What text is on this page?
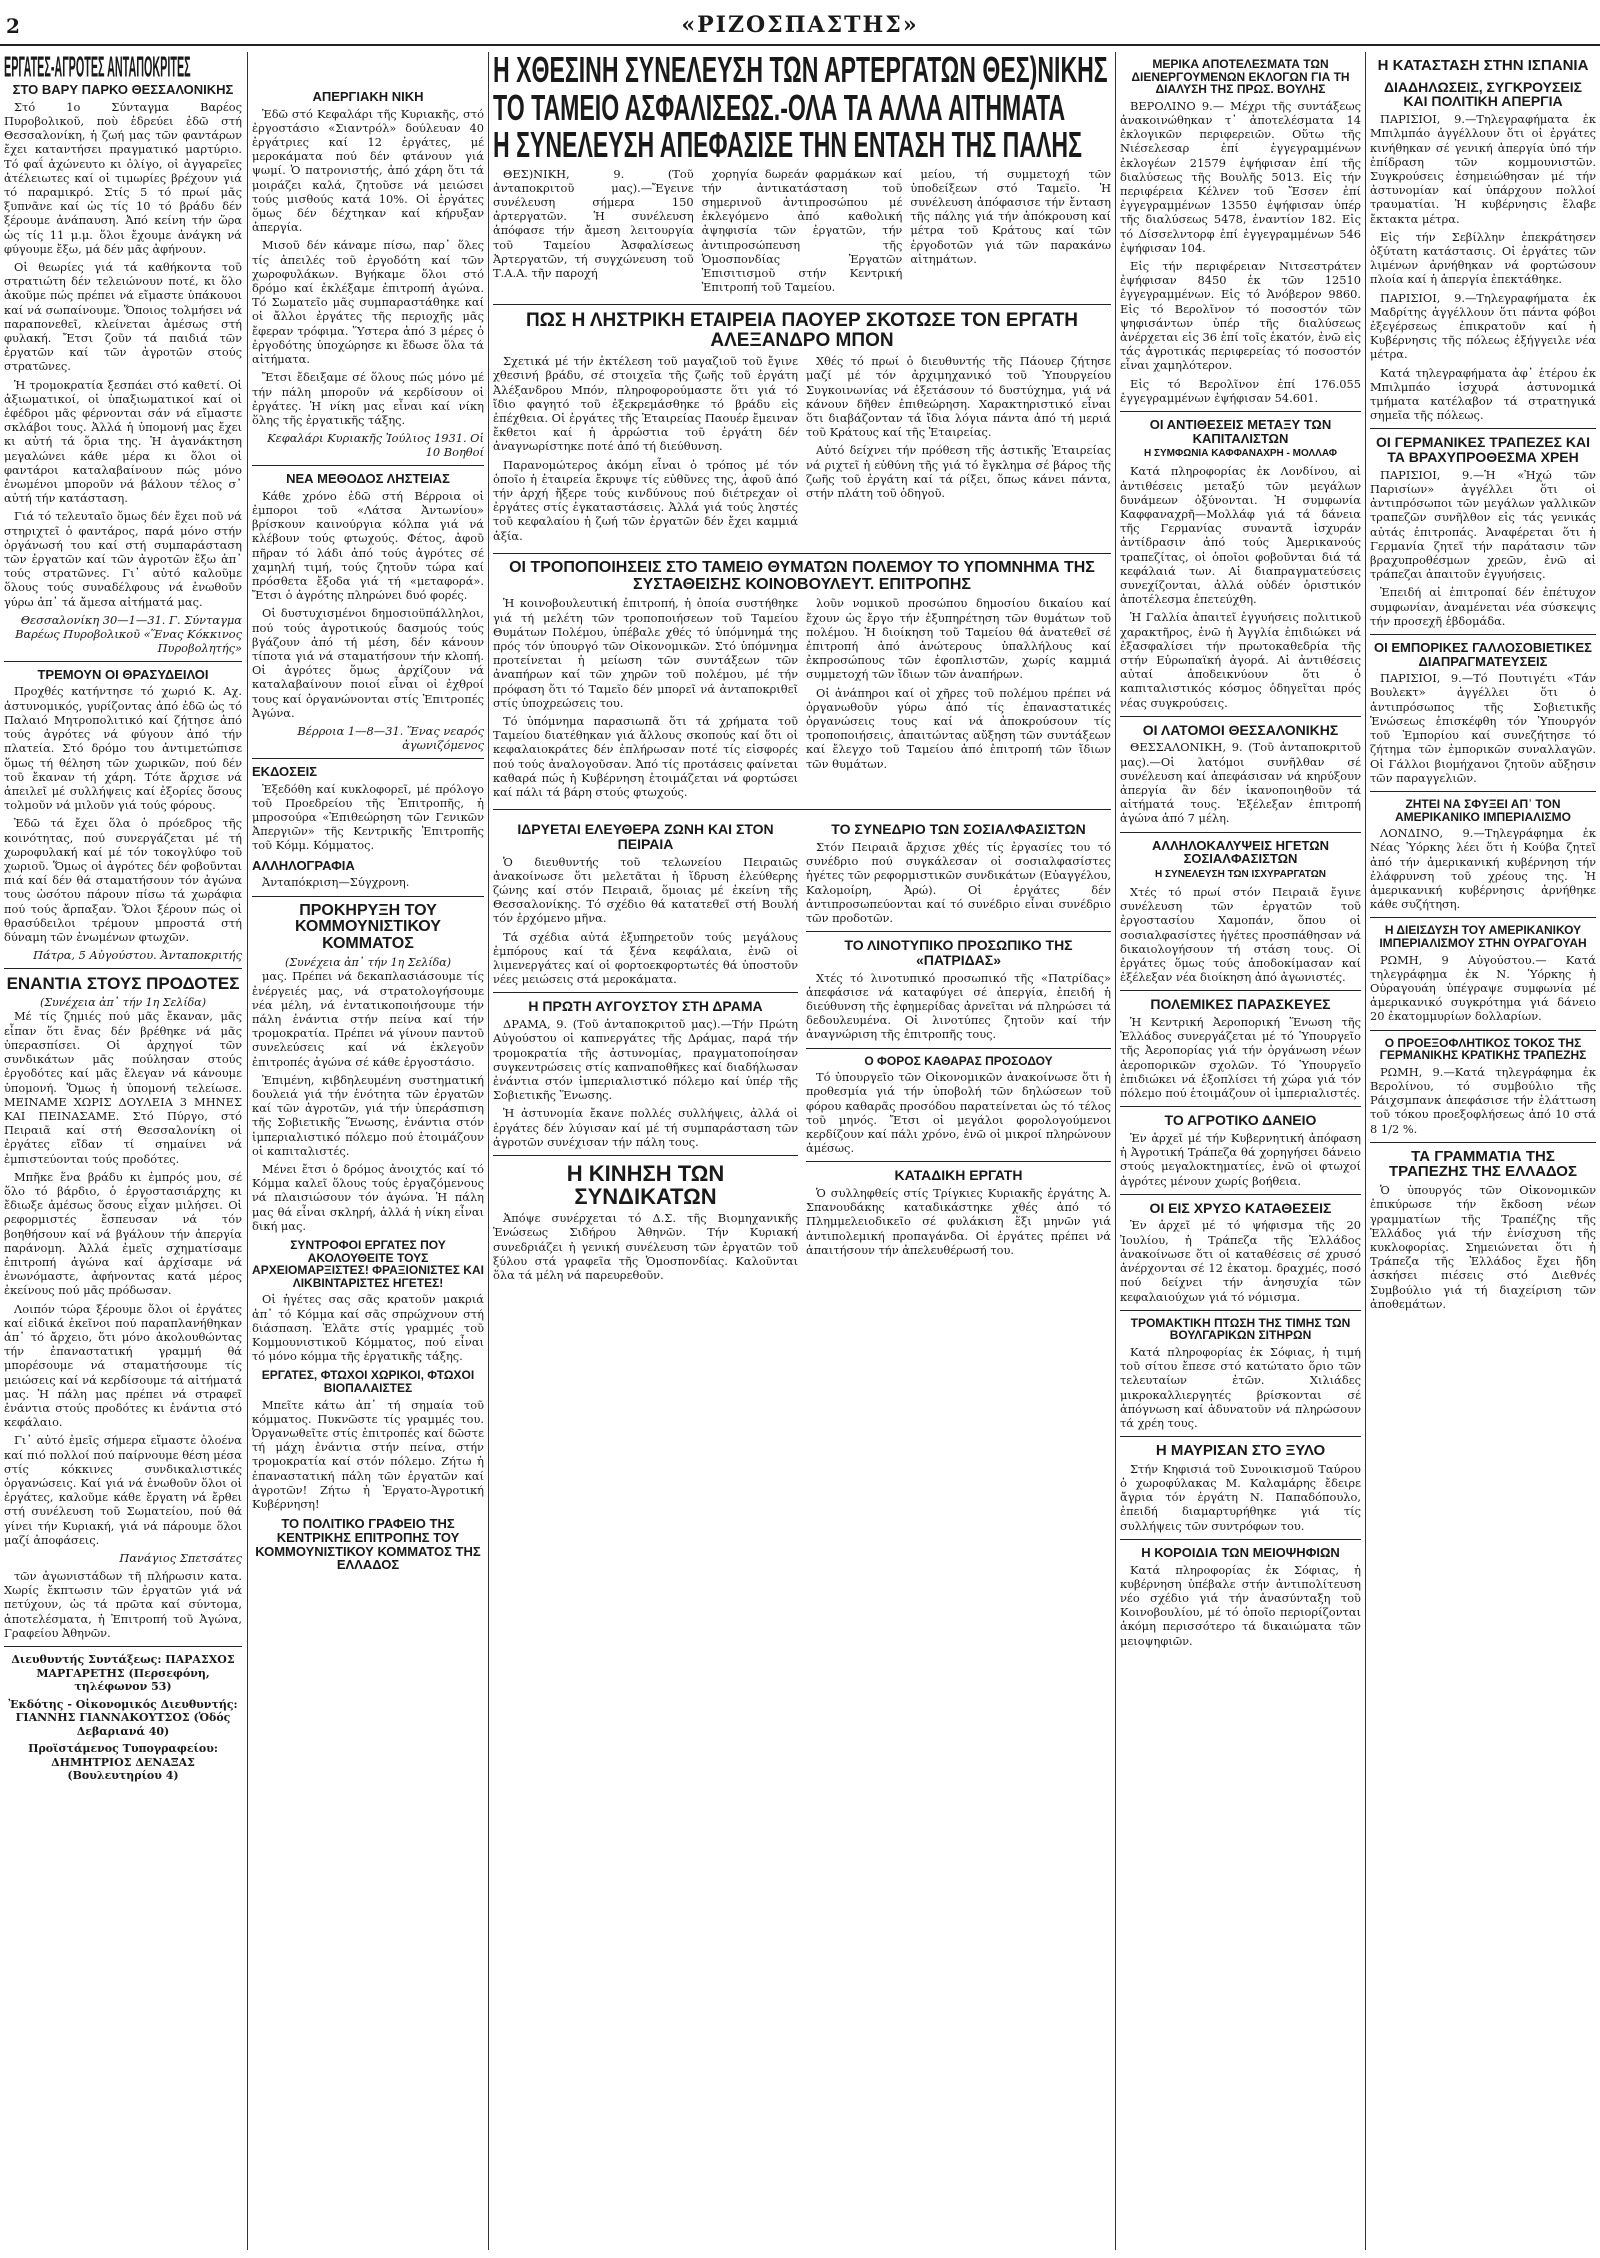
2	«ΡΙΖΟΣΠΑΣΤΗΣ»
ΕΡΓΑΤΕΣ-ΑΓΡΟΤΕΣ ΑΝΤΑΠΟΚΡΙΤΕΣ
ΣΤΟ ΒΑΡΥ ΠΑΡΚΟ ΘΕΣΣΑΛΟΝΙΚΗΣ

Στό 1ο Σύνταγμα Βαρέος Πυροβολικοῦ, ποὺ ἑδρεύει ἐδῶ στή Θεσσαλονίκη, ἡ ζωή μας τῶν φαντάρων ἔχει καταντήσει πραγματικό μαρτύριο. Τό φαΐ ἀχώνευτο κι ὀλίγο, οἱ ἀγγαρεῖες ἀτέλειωτες καί οἱ τιμωρίες βρέχουν γιά τό παραμικρό. Στίς 5 τό πρωί μᾶς ξυπνᾶνε καί ὡς τίς 10 τό βράδυ δέν ξέρουμε ἀνάπαυση. Ἀπό κείνη τήν ὥρα ὡς τίς 11 μ.μ. ὅλοι ἔχουμε ἀνάγκη νά φύγουμε ἔξω, μά δέν μᾶς ἀφήνουν.

Οἱ θεωρίες γιά τά καθήκοντα τοῦ στρατιώτη δέν τελειώνουν ποτέ, κι ὅλο ἀκοῦμε πώς πρέπει νά εἴμαστε ὑπάκουοι καί νά σωπαίνουμε. Ὅποιος τολμήσει νά παραπονεθεῖ, κλείνεται ἀμέσως στή φυλακή. Ἔτσι ζοῦν τά παιδιά τῶν ἐργατῶν καί τῶν ἀγροτῶν στούς στρατῶνες.

Ἡ τρομοκρατία ξεσπάει στό καθετί. Οἱ ἀξιωματικοί, οἱ ὑπαξιωματικοί καί οἱ ἐφέδροι μᾶς φέρνονται σάν νά εἴμαστε σκλάβοι τους. Ἀλλά ἡ ὑπομονή μας ἔχει κι αὐτή τά ὅρια της. Ἡ ἀγανάκτηση μεγαλώνει κάθε μέρα κι ὅλοι οἱ φαντάροι καταλαβαίνουν πώς μόνο ἑνωμένοι μποροῦν νά βάλουν τέλος σ᾽ αὐτή τήν κατάσταση.

Γιά τό τελευταῖο ὅμως δέν ἔχει ποῦ νά στηριχτεῖ ὁ φαντάρος, παρά μόνο στήν ὀργάνωσή του καί στή συμπαράσταση τῶν ἐργατῶν καί τῶν ἀγροτῶν ἔξω ἀπ᾽ τούς στρατῶνες. Γι᾽ αὐτό καλοῦμε ὅλους τούς συναδέλφους νά ἑνωθοῦν γύρω ἀπ᾽ τά ἄμεσα αἰτήματά μας.

Θεσσαλονίκη 30—1—31. Γ. Σύνταγμα Βαρέως Πυροβολικοῦ «Ἕνας Κόκκινος Πυροβολητής»

ΤΡΕΜΟΥΝ ΟΙ ΘΡΑΣΥΔΕΙΛΟΙ

Προχθές κατήντησε τό χωριό Κ. Αχ. ἀστυνομικός, γυρίζοντας ἀπό ἐδῶ ὡς τό Παλαιό Μητροπολιτικό καί ζήτησε ἀπό τούς ἀγρότες νά φύγουν ἀπό τήν πλατεία. Στό δρόμο του ἀντιμετώπισε ὅμως τή θέληση τῶν χωρικῶν, πού δέν τοῦ ἔκαναν τή χάρη. Τότε ἄρχισε νά ἀπειλεῖ μέ συλλήψεις καί ἐξορίες ὅσους τολμοῦν νά μιλοῦν γιά τούς φόρους.

Ἐδῶ τά ἔχει ὅλα ὁ πρόεδρος τῆς κοινότητας, πού συνεργάζεται μέ τή χωροφυλακή καί μέ τόν τοκογλύφο τοῦ χωριοῦ. Ὅμως οἱ ἀγρότες δέν φοβοῦνται πιά καί δέν θά σταματήσουν τόν ἀγώνα τους ὡσότου πάρουν πίσω τά χωράφια πού τούς ἄρπαξαν. Ὅλοι ξέρουν πώς οἱ θρασύδειλοι τρέμουν μπροστά στή δύναμη τῶν ἑνωμένων φτωχῶν.

Πάτρα, 5 Αὐγούστου. Ἀνταποκριτής

ΕΝΑΝΤΙΑ ΣΤΟΥΣ ΠΡΟΔΟΤΕΣ
(Συνέχεια ἀπ᾽ τήν 1η Σελίδα)

Μέ τίς ζημιές πού μᾶς ἔκαναν, μᾶς εἶπαν ὅτι ἔνας δέν βρέθηκε νά μᾶς ὑπερασπίσει. Οἱ ἀρχηγοί τῶν συνδικάτων μᾶς πούλησαν στούς ἐργοδότες καί μᾶς ἔλεγαν νά κάνουμε ὑπομονή. Ὅμως ἡ ὑπομονή τελείωσε. ΜΕΙΝΑΜΕ ΧΩΡΙΣ ΔΟΥΛΕΙΑ 3 ΜΗΝΕΣ ΚΑΙ ΠΕΙΝΑΣΑΜΕ. Στό Πύργο, στό Πειραιᾶ καί στή Θεσσαλονίκη οἱ ἐργάτες εἴδαν τί σημαίνει νά ἐμπιστεύονται τούς προδότες.

Μπῆκε ἕνα βράδυ κι ἐμπρός μου, σέ ὅλο τό βάρδιο, ὁ ἐργοστασιάρχης κι ἔδιωξε ἀμέσως ὅσους εἶχαν μιλήσει. Οἱ ρεφορμιστές ἔσπευσαν νά τόν βοηθήσουν καί νά βγάλουν τήν ἀπεργία παράνομη. Ἀλλά ἐμεῖς σχηματίσαμε ἐπιτροπή ἀγώνα καί ἀρχίσαμε νά ἑνωνόμαστε, ἀφήνοντας κατά μέρος ἐκείνους πού μᾶς πρόδωσαν.

Λοιπόν τώρα ξέρουμε ὅλοι οἱ ἐργάτες καί εἰδικά ἐκεῖνοι πού παραπλανήθηκαν ἀπ᾽ τό ἄρχειο, ὅτι μόνο ἀκολουθώντας τήν ἐπαναστατική γραμμή θά μπορέσουμε νά σταματήσουμε τίς μειώσεις καί νά κερδίσουμε τά αἰτήματά μας. Ἡ πάλη μας πρέπει νά στραφεῖ ἐνάντια στούς προδότες κι ἐνάντια στό κεφάλαιο.

Γι᾽ αὐτό ἐμεῖς σήμερα εἴμαστε ὁλοένα καί πιό πολλοί πού παίρνουμε θέση μέσα στίς κόκκινες συνδικαλιστικές ὀργανώσεις. Καί γιά νά ἑνωθοῦν ὅλοι οἱ ἐργάτες, καλοῦμε κάθε ἔργατη νά ἔρθει στή συνέλευση τοῦ Σωματείου, πού θά γίνει τήν Κυριακή, γιά νά πάρουμε ὅλοι μαζί ἀποφάσεις.

Πανάγιος Σπετσάτες

τῶν ἀγωνιστάδων τῆ πλήρωσιν κατα. Χωρίς ἔκπτωσιν τῶν ἐργατῶν γιά νά πετύχουν, ὡς τά πρῶτα καί σύντομα, ἀποτελέσματα, ἡ Ἐπιτροπή τοῦ Ἀγώνα, Γραφείου Ἀθηνῶν.

Διευθυντής Συντάξεως: ΠΑΡΑΣΧΟΣ ΜΑΡΓΑΡΕΤΗΣ (Περσεφόνη, τηλέφωνον 53)
Ἐκδότης - Οἰκονομικός Διευθυντής: ΓΙΑΝΝΗΣ ΓΙΑΝΝΑΚΟΥΤΣΟΣ (Ὁδός Δεβαριανά 40)
Προϊστάμενος Τυπογραφείου: ΔΗΜΗΤΡΙΟΣ ΔΕΝΑΞΑΣ (Βουλευτηρίου 4)
ΑΠΕΡΓΙΑΚΗ ΝΙΚΗ

Ἐδῶ στό Κεφαλάρι τῆς Κυριακῆς, στό ἐργοστάσιο «Σιαντρόλ» δούλευαν 40 ἐργάτριες καί 12 ἐργάτες, μέ μεροκάματα πού δέν φτάνουν γιά ψωμί. Ὁ πατρονιστής, ἀπό χάρη ὅτι τά μοιράζει καλά, ζητοῦσε νά μειώσει τούς μισθούς κατά 10%. Οἱ ἐργάτες ὅμως δέν δέχτηκαν καί κήρυξαν ἀπεργία.

Μισοῦ δέν κάναμε πίσω, παρ᾽ ὅλες τίς ἀπειλές τοῦ ἐργοδότη καί τῶν χωροφυλάκων. Βγήκαμε ὅλοι στό δρόμο καί ἐκλέξαμε ἐπιτροπή ἀγώνα. Τό Σωματεῖο μᾶς συμπαραστάθηκε καί οἱ ἄλλοι ἐργάτες τῆς περιοχῆς μᾶς ἔφεραν τρόφιμα. Ὕστερα ἀπό 3 μέρες ὁ ἐργοδότης ὑποχώρησε κι ἔδωσε ὅλα τά αἰτήματα.

Ἔτσι ἔδειξαμε σέ ὅλους πώς μόνο μέ τήν πάλη μποροῦν νά κερδίσουν οἱ ἐργάτες. Ἡ νίκη μας εἶναι καί νίκη ὅλης τῆς ἐργατικῆς τάξης.

Κεφαλάρι Κυριακῆς Ἰούλιος 1931. Οἱ 10 Βοηθοί

ΝΕΑ ΜΕΘΟΔΟΣ ΛΗΣΤΕΙΑΣ

Κάθε χρόνο ἐδῶ στή Βέρροια οἱ ἐμποροι τοῦ «Λάτσα Ἀντωνίου» βρίσκουν καινούργια κόλπα γιά νά κλέβουν τούς φτωχούς. Φέτος, ἀφοῦ πῆραν τό λάδι ἀπό τούς ἀγρότες σέ χαμηλή τιμή, τούς ζητοῦν τώρα καί πρόσθετα ἔξοδα γιά τή «μεταφορά». Ἔτσι ὁ ἀγρότης πληρώνει δυό φορές.

Οἱ δυστυχισμένοι δημοσιοϋπάλληλοι, πού τούς ἀγροτικούς δασμούς τούς βγάζουν ἀπό τή μέση, δέν κάνουν τίποτα γιά νά σταματήσουν τήν κλοπή. Οἱ ἀγρότες ὅμως ἀρχίζουν νά καταλαβαίνουν ποιοί εἶναι οἱ ἐχθροί τους καί ὀργανώνονται στίς Ἐπιτροπές Ἀγώνα.

Βέρροια 1—8—31. Ἕνας νεαρός ἀγωνιζόμενος

ΕΚΔΟΣΕΙΣ

Ἐξεδόθη καί κυκλοφορεῖ, μέ πρόλογο τοῦ Προεδρείου τῆς Ἐπιτροπῆς, ἡ μπροσούρα «Ἐπιθεώρηση τῶν Γενικῶν Ἀπεργιῶν» τῆς Κεντρικῆς Ἐπιτροπῆς τοῦ Κόμμ. Κόμματος.

ΑΛΛΗΛΟΓΡΑΦΙΑ

Ἀνταπόκριση—Σύγχρονη.

ΠΡΟΚΗΡΥΞΗ ΤΟΥ ΚΟΜΜΟΥΝΙΣΤΙΚΟΥ ΚΟΜΜΑΤΟΣ
(Συνέχεια ἀπ᾽ τήν 1η Σελίδα)

μας. Πρέπει νά δεκαπλασιάσουμε τίς ἐνέργειές μας, νά στρατολογήσουμε νέα μέλη, νά ἐντατικοποιήσουμε τήν πάλη ἐνάντια στήν πείνα καί τήν τρομοκρατία. Πρέπει νά γίνουν παντοῦ συνελεύσεις καί νά ἐκλεγοῦν ἐπιτροπές ἀγώνα σέ κάθε ἐργοστάσιο.

Ἐπιμένη, κιβδηλευμένη συστηματική δουλειά γιά τήν ἑνότητα τῶν ἐργατῶν καί τῶν ἀγροτῶν, γιά τήν ὑπεράσπιση τῆς Σοβιετικῆς Ἕνωσης, ἐνάντια στόν ἰμπεριαλιστικό πόλεμο πού ἑτοιμάζουν οἱ καπιταλιστές.

Μένει ἔτσι ὁ δρόμος ἀνοιχτός καί τό Κόμμα καλεῖ ὅλους τούς ἐργαζόμενους νά πλαισιώσουν τόν ἀγώνα. Ἡ πάλη μας θά εἶναι σκληρή, ἀλλά ἡ νίκη εἶναι δική μας.

ΣΥΝΤΡΟΦΟΙ ΕΡΓΑΤΕΣ ΠΟΥ ΑΚΟΛΟΥΘΕΙΤΕ ΤΟΥΣ ΑΡΧΕΙΟΜΑΡΞΙΣΤΕΣ! ΦΡΑΞΙΟΝΙΣΤΕΣ ΚΑΙ ΛΙΚΒΙΝΤΑΡΙΣΤΕΣ ΗΓΕΤΕΣ!

Οἱ ἡγέτες σας σᾶς κρατοῦν μακριά ἀπ᾽ τό Κόμμα καί σᾶς σπρώχνουν στή διάσπαση. Ἐλᾶτε στίς γραμμές τοῦ Κομμουνιστικοῦ Κόμματος, πού εἶναι τό μόνο κόμμα τῆς ἐργατικῆς τάξης.

ΕΡΓΑΤΕΣ, ΦΤΩΧΟΙ ΧΩΡΙΚΟΙ, ΦΤΩΧΟΙ ΒΙΟΠΑΛΑΙΣΤΕΣ

Μπεῖτε κάτω ἀπ᾽ τή σημαία τοῦ κόμματος. Πυκνῶστε τίς γραμμές του. Ὀργανωθεῖτε στίς ἐπιτροπές καί δῶστε τή μάχη ἐνάντια στήν πείνα, στήν τρομοκρατία καί στόν πόλεμο. Ζήτω ἡ ἐπαναστατική πάλη τῶν ἐργατῶν καί ἀγροτῶν! Ζήτω ἡ Ἐργατο-Ἀγροτική Κυβέρνηση!

ΤΟ ΠΟΛΙΤΙΚΟ ΓΡΑΦΕΙΟ ΤΗΣ ΚΕΝΤΡΙΚΗΣ ΕΠΙΤΡΟΠΗΣ ΤΟΥ ΚΟΜΜΟΥΝΙΣΤΙΚΟΥ ΚΟΜΜΑΤΟΣ ΤΗΣ ΕΛΛΑΔΟΣ
Η ΧΘΕΣΙΝΗ ΣΥΝΕΛΕΥΣΗ ΤΩΝ ΑΡΤΕΡΓΑΤΩΝ ΘΕΣ)ΝΙΚΗΣ
ΤΟ ΤΑΜΕΙΟ ΑΣΦΑΛΙΣΕΩΣ.-ΟΛΑ ΤΑ ΑΛΛΑ ΑΙΤΗΜΑΤΑ
Η ΣΥΝΕΛΕΥΣΗ ΑΠΕΦΑΣΙΣΕ ΤΗΝ ΕΝΤΑΣΗ ΤΗΣ ΠΑΛΗΣ

ΘΕΣ)ΝΙΚΗ, 9. (Τοῦ ἀνταποκριτοῦ μας).—Ἔγεινε συνέλευση σήμερα 150 ἀρτεργατῶν. Ἡ συνέλευση ἀπόφασε τήν ἄμεση λειτουργία τοῦ Ταμείου Ἀσφαλίσεως Ἀρτεργατῶν, τή συγχώνευση τοῦ Τ.Α.Α. τῆν παροχή

χορηγία δωρεάν φαρμάκων καί τήν ἀντικατάσταση τοῦ σημερινοῦ ἀντιπροσώπου μέ ἐκλεγόμενο ἀπό καθολική ἀψηφισία τῶν ἐργατῶν, τήν ἀντιπροσώπευση τῆς Ὁμοσπονδίας Ἐργατῶν Ἐπισιτισμοῦ στήν Κεντρική Ἐπιτροπή τοῦ Ταμείου.

μείου, τή συμμετοχή τῶν ὑποδείξεων στό Ταμεῖο. Ἡ συνέλευση ἀπόφασισε τήν ἔνταση τῆς πάλης γιά τήν ἀπόκρουση καί μέτρα τοῦ Κράτους καί τῶν ἐργοδοτῶν γιά τῶν παρακάνω αἰτημάτων.

ΠΩΣ Η ΛΗΣΤΡΙΚΗ ΕΤΑΙΡΕΙΑ ΠΑΟΥΕΡ ΣΚΟΤΩΣΕ ΤΟΝ ΕΡΓΑΤΗ ΑΛΕΞΑΝΔΡΟ ΜΠΟΝ

Σχετικά μέ τήν ἐκτέλεση τοῦ μαγαζιοῦ τοῦ ἔγινε χθεσινή βράδυ, σέ στοιχεῖα τῆς ζωῆς τοῦ ἐργάτη Ἀλέξανδρου Μπόν, πληροφορούμαστε ὅτι γιά τό ἴδιο φαγητό τοῦ ἐξεκρεμάσθηκε τό βράδυ εἰς ἐπέχθεια. Οἱ ἐργάτες τῆς Ἑταιρείας Παουέρ ἔμειναν ἔκθετοι καί ἡ ἀρρώστια τοῦ ἐργάτη δέν ἀναγνωρίστηκε ποτέ ἀπό τή διεύθυνση.

Παρανομώτερος ἀκόμη εἶναι ὁ τρόπος μέ τόν ὁποῖο ἡ ἑταιρεία ἔκρυψε τίς εὐθῦνες της, ἀφοῦ ἀπό τήν ἀρχή ἤξερε τούς κινδύνους πού διέτρεχαν οἱ ἐργάτες στίς ἐγκαταστάσεις. Ἀλλά γιά τούς ληστές τοῦ κεφαλαίου ἡ ζωή τῶν ἐργατῶν δέν ἔχει καμμιά ἀξία.

Χθές τό πρωί ὁ διευθυντής τῆς Πάουερ ζήτησε μαζί μέ τόν ἀρχιμηχανικό τοῦ Ὑπουργείου Συγκοινωνίας νά ἐξετάσουν τό δυστύχημα, γιά νά κάνουν δῆθεν ἐπιθεώρηση. Χαρακτηριστικό εἶναι ὅτι διαβάζονταν τά ἴδια λόγια πάντα ἀπό τή μεριά τοῦ Κράτους καί τῆς Ἑταιρείας.

Αὐτό δείχνει τήν πρόθεση τῆς ἀστικῆς Ἑταιρείας νά ριχτεῖ ἡ εὐθύνη τῆς γιά τό ἔγκλημα σέ βάρος τῆς ζωῆς τοῦ ἐργάτη καί τά ρίξει, ὅπως κάνει πάντα, στήν πλάτη τοῦ ὁδηγοῦ.

ΟΙ ΤΡΟΠΟΠΟΙΗΣΕΙΣ ΣΤΟ ΤΑΜΕΙΟ ΘΥΜΑΤΩΝ ΠΟΛΕΜΟΥ ΤΟ ΥΠΟΜΝΗΜΑ ΤΗΣ ΣΥΣΤΑΘΕΙΣΗΣ ΚΟΙΝΟΒΟΥΛΕΥΤ. ΕΠΙΤΡΟΠΗΣ

Ἡ κοινοβουλευτική ἐπιτροπή, ἡ ὁποία συστήθηκε γιά τή μελέτη τῶν τροποποιήσεων τοῦ Ταμείου Θυμάτων Πολέμου, ὑπέβαλε χθές τό ὑπόμνημά της πρός τόν ὑπουργό τῶν Οἰκονομικῶν. Στό ὑπόμνημα προτείνεται ἡ μείωση τῶν συντάξεων τῶν ἀναπήρων καί τῶν χηρῶν τοῦ πολέμου, μέ τήν πρόφαση ὅτι τό Ταμεῖο δέν μπορεῖ νά ἀνταποκριθεῖ στίς ὑποχρεώσεις του.

Τό ὑπόμνημα παρασιωπᾶ ὅτι τά χρήματα τοῦ Ταμείου διατέθηκαν γιά ἄλλους σκοπούς καί ὅτι οἱ κεφαλαιοκράτες δέν ἐπλήρωσαν ποτέ τίς εἰσφορές πού τούς ἀναλογοῦσαν. Ἀπό τίς προτάσεις φαίνεται καθαρά πώς ἡ Κυβέρνηση ἑτοιμάζεται νά φορτώσει καί πάλι τά βάρη στούς φτωχούς.

λοῦν νομικοῦ προσώπου δημοσίου δικαίου καί ἔχουν ὡς ἔργο τήν ἐξυπηρέτηση τῶν θυμάτων τοῦ πολέμου. Ἡ διοίκηση τοῦ Ταμείου θά ἀνατεθεῖ σέ ἐπιτροπή ἀπό ἀνώτερους ὑπαλλήλους καί ἐκπροσώπους τῶν ἐφοπλιστῶν, χωρίς καμμιά συμμετοχή τῶν ἴδιων τῶν ἀναπήρων.

Οἱ ἀνάπηροι καί οἱ χῆρες τοῦ πολέμου πρέπει νά ὀργανωθοῦν γύρω ἀπό τίς ἐπαναστατικές ὀργανώσεις τους καί νά ἀποκρούσουν τίς τροποποιήσεις, ἀπαιτώντας αὔξηση τῶν συντάξεων καί ἔλεγχο τοῦ Ταμείου ἀπό ἐπιτροπή τῶν ἴδιων τῶν θυμάτων.

ΙΔΡΥΕΤΑΙ ΕΛΕΥΘΕΡΑ ΖΩΝΗ ΚΑΙ ΣΤΟΝ ΠΕΙΡΑΙΑ

Ὁ διευθυντής τοῦ τελωνείου Πειραιῶς ἀνακοίνωσε ὅτι μελετᾶται ἡ ἵδρυση ἐλεύθερης ζώνης καί στόν Πειραιᾶ, ὅμοιας μέ ἐκείνη τῆς Θεσσαλονίκης. Τό σχέδιο θά κατατεθεῖ στή Βουλή τόν ἐρχόμενο μῆνα.

Τά σχέδια αὐτά ἐξυπηρετοῦν τούς μεγάλους ἐμπόρους καί τά ξένα κεφάλαια, ἐνῶ οἱ λιμενεργάτες καί οἱ φορτοεκφορτωτές θά ὑποστοῦν νέες μειώσεις στά μεροκάματα.

Η ΠΡΩΤΗ ΑΥΓΟΥΣΤΟΥ ΣΤΗ ΔΡΑΜΑ

ΔΡΑΜΑ, 9. (Τοῦ ἀνταποκριτοῦ μας).—Τήν Πρώτη Αὐγούστου οἱ καπνεργάτες τῆς Δράμας, παρά τήν τρομοκρατία τῆς ἀστυνομίας, πραγματοποίησαν συγκεντρώσεις στίς καπναποθῆκες καί διαδήλωσαν ἐνάντια στόν ἰμπεριαλιστικό πόλεμο καί ὑπέρ τῆς Σοβιετικῆς Ἕνωσης.

Ἡ ἀστυνομία ἔκανε πολλές συλλήψεις, ἀλλά οἱ ἐργάτες δέν λύγισαν καί μέ τή συμπαράσταση τῶν ἀγροτῶν συνέχισαν τήν πάλη τους.

Η ΚΙΝΗΣΗ ΤΩΝ ΣΥΝΔΙΚΑΤΩΝ

Ἀπόψε συνέρχεται τό Δ.Σ. τῆς Βιομηχανικῆς Ἑνώσεως Σιδήρου Ἀθηνῶν. Τήν Κυριακή συνεδριάζει ἡ γενική συνέλευση τῶν ἐργατῶν τοῦ ξύλου στά γραφεῖα τῆς Ὁμοσπονδίας. Καλοῦνται ὅλα τά μέλη νά παρευρεθοῦν.

ΤΟ ΣΥΝΕΔΡΙΟ ΤΩΝ ΣΟΣΙΑΛΦΑΣΙΣΤΩΝ

Στόν Πειραιᾶ ἄρχισε χθές τίς ἐργασίες του τό συνέδριο πού συγκάλεσαν οἱ σοσιαλφασίστες ἡγέτες τῶν ρεφορμιστικῶν συνδικάτων (Εὐαγγέλου, Καλομοίρη, Ἀρώ). Οἱ ἐργάτες δέν ἀντιπροσωπεύονται καί τό συνέδριο εἶναι συνέδριο τῶν προδοτῶν.

ΤΟ ΛΙΝΟΤΥΠΙΚΟ ΠΡΟΣΩΠΙΚΟ ΤΗΣ «ΠΑΤΡΙΔΑΣ»

Χτές τό λινοτυπικό προσωπικό τῆς «Πατρίδας» ἀπεφάσισε νά καταφύγει σέ ἀπεργία, ἐπειδή ἡ διεύθυνση τῆς ἐφημερίδας ἀρνεῖται νά πληρώσει τά δεδουλευμένα. Οἱ λινοτύπες ζητοῦν καί τήν ἀναγνώριση τῆς ἐπιτροπῆς τους.

Ο ΦΟΡΟΣ ΚΑΘΑΡΑΣ ΠΡΟΣΟΔΟΥ

Τό ὑπουργεῖο τῶν Οἰκονομικῶν ἀνακοίνωσε ὅτι ἡ προθεσμία γιά τήν ὑποβολή τῶν δηλώσεων τοῦ φόρου καθαρᾶς προσόδου παρατείνεται ὡς τό τέλος τοῦ μηνός. Ἔτσι οἱ μεγάλοι φορολογούμενοι κερδίζουν καί πάλι χρόνο, ἐνῶ οἱ μικροί πληρώνουν ἀμέσως.

ΚΑΤΑΔΙΚΗ ΕΡΓΑΤΗ

Ὁ συλληφθείς στίς Τρίγκιες Κυριακῆς ἐργάτης Ἀ. Σπανουδάκης καταδικάστηκε χθές ἀπό τό Πλημμελειοδικεῖο σέ φυλάκιση ἕξι μηνῶν γιά ἀντιπολεμική προπαγάνδα. Οἱ ἐργάτες πρέπει νά ἀπαιτήσουν τήν ἀπελευθέρωσή του.

ΜΕΡΙΚΑ ΑΠΟΤΕΛΕΣΜΑΤΑ ΤΩΝ ΔΙΕΝΕΡΓΟΥΜΕΝΩΝ ΕΚΛΟΓΩΝ ΓΙΑ ΤΗ ΔΙΑΛΥΣΗ ΤΗΣ ΠΡΩΣ. ΒΟΥΛΗΣ

ΒΕΡΟΛΙΝΟ 9.— Μέχρι τῆς συντάξεως ἀνακοινώθηκαν τ᾽ ἀποτελέσματα 14 ἐκλογικῶν περιφερειῶν. Οὕτω τῆς Νιέσελεσαρ ἐπί ἐγγεγραμμένων ἐκλογέων 21579 ἐψήφισαν ἐπί τῆς διαλύσεως τῆς Βουλῆς 5013. Εἰς τήν περιφέρεια Κέλνεν τοῦ Ἔσσεν ἐπί ἐγγεγραμμένων 13550 ἐψήφισαν ὑπέρ τῆς διαλύσεως 5478, ἐναντίον 182. Εἰς τό Δίσσελντορφ ἐπί ἐγγεγραμμένων 546 ἐψήφισαν 104.

Εἰς τήν περιφέρειαν Νιτσεστράτεν ἐψήφισαν 8450 ἐκ τῶν 12510 ἐγγεγραμμένων. Εἰς τό Ἀνόβερον 9860. Εἰς τό Βερολῖνον τό ποσοστόν τῶν ψηφισάντων ὑπέρ τῆς διαλύσεως ἀνέρχεται εἰς 36 ἐπί τοῖς ἑκατόν, ἐνῶ εἰς τάς ἀγροτικάς περιφερείας τό ποσοστόν εἶναι χαμηλότερον.

Εἰς τό Βερολῖνον ἐπί 176.055 ἐγγεγραμμένων ἐψήφισαν 54.601.

ΟΙ ΑΝΤΙΘΕΣΕΙΣ ΜΕΤΑΞΥ ΤΩΝ ΚΑΠΙΤΑΛΙΣΤΩΝ
Η ΣΥΜΦΩΝΙΑ ΚΑΦΦΑΝΑΧΡΗ - ΜΟΛΛΑΦ

Κατά πληροφορίας ἐκ Λονδίνου, αἱ ἀντιθέσεις μεταξύ τῶν μεγάλων δυνάμεων ὀξύνονται. Ἡ συμφωνία Καφφαναχρῆ—Μολλάφ γιά τά δάνεια τῆς Γερμανίας συναντᾶ ἰσχυράν ἀντίδρασιν ἀπό τούς Ἀμερικανούς τραπεζίτας, οἱ ὁποῖοι φοβοῦνται διά τά κεφάλαιά των. Αἱ διαπραγματεύσεις συνεχίζονται, ἀλλά οὐδέν ὁριστικόν ἀποτέλεσμα ἐπετεύχθη.

Ἡ Γαλλία ἀπαιτεῖ ἐγγυήσεις πολιτικοῦ χαρακτῆρος, ἐνῶ ἡ Ἀγγλία ἐπιδιώκει νά ἐξασφαλίσει τήν πρωτοκαθεδρία τῆς στήν Εὐρωπαϊκή ἀγορά. Αἱ ἀντιθέσεις αὐταί ἀποδεικνύουν ὅτι ὁ καπιταλιστικός κόσμος ὁδηγεῖται πρός νέας συγκρούσεις.

ΟΙ ΛΑΤΟΜΟΙ ΘΕΣΣΑΛΟΝΙΚΗΣ

ΘΕΣΣΑΛΟΝΙΚΗ, 9. (Τοῦ ἀνταποκριτοῦ μας).—Οἱ λατόμοι συνῆλθαν σέ συνέλευση καί ἀπεφάσισαν νά κηρύξουν ἀπεργία ἂν δέν ἱκανοποιηθοῦν τά αἰτήματά τους. Ἐξέλεξαν ἐπιτροπή ἀγώνα ἀπό 7 μέλη.

ΑΛΛΗΛΟΚΑΛΥΨΕΙΣ ΗΓΕΤΩΝ ΣΟΣΙΑΛΦΑΣΙΣΤΩΝ
Η ΣΥΝΕΛΕΥΣΗ ΤΩΝ ΙΣΧΥΡΑΡΓΑΤΩΝ

Χτές τό πρωί στόν Πειραιᾶ ἔγινε συνέλευση τῶν ἐργατῶν τοῦ ἐργοστασίου Χαμοπάν, ὅπου οἱ σοσιαλφασίστες ἡγέτες προσπάθησαν νά δικαιολογήσουν τή στάση τους. Οἱ ἐργάτες ὅμως τούς ἀποδοκίμασαν καί ἐξέλεξαν νέα διοίκηση ἀπό ἀγωνιστές.

ΠΟΛΕΜΙΚΕΣ ΠΑΡΑΣΚΕΥΕΣ

Ἡ Κεντρική Ἀεροπορική Ἕνωση τῆς Ἑλλάδος συνεργάζεται μέ τό Ὑπουργεῖο τῆς Ἀεροπορίας γιά τήν ὀργάνωση νέων ἀεροπορικῶν σχολῶν. Τό Ὑπουργεῖο ἐπιδιώκει νά ἐξοπλίσει τή χώρα γιά τόν πόλεμο πού ἑτοιμάζουν οἱ ἰμπεριαλιστές.

ΤΟ ΑΓΡΟΤΙΚΟ ΔΑΝΕΙΟ

Ἐν ἀρχεῖ μέ τήν Κυβερνητική ἀπόφαση ἡ Ἀγροτική Τράπεζα θά χορηγήσει δάνειο στούς μεγαλοκτηματίες, ἐνῶ οἱ φτωχοί ἀγρότες μένουν χωρίς βοήθεια.

ΟΙ ΕΙΣ ΧΡΥΣΟ ΚΑΤΑΘΕΣΕΙΣ

Ἐν ἀρχεῖ μέ τό ψήφισμα τῆς 20 Ἰουλίου, ἡ Τράπεζα τῆς Ἑλλάδος ἀνακοίνωσε ὅτι οἱ καταθέσεις σέ χρυσό ἀνέρχονται σέ 12 ἑκατομ. δραχμές, ποσό πού δείχνει τήν ἀνησυχία τῶν κεφαλαιούχων γιά τό νόμισμα.

ΤΡΟΜΑΚΤΙΚΗ ΠΤΩΣΗ ΤΗΣ ΤΙΜΗΣ ΤΩΝ ΒΟΥΛΓΑΡΙΚΩΝ ΣΙΤΗΡΩΝ

Κατά πληροφορίας ἐκ Σόφιας, ἡ τιμή τοῦ σίτου ἔπεσε στό κατώτατο ὅριο τῶν τελευταίων ἐτῶν. Χιλιάδες μικροκαλλιεργητές βρίσκονται σέ ἀπόγνωση καί ἀδυνατοῦν νά πληρώσουν τά χρέη τους.

Η ΜΑΥΡΙΣΑΝ ΣΤΟ ΞΥΛΟ

Στήν Κηφισιά τοῦ Συνοικισμοῦ Ταύρου ὁ χωροφύλακας Μ. Καλαμάρης ἔδειρε ἄγρια τόν ἐργάτη Ν. Παπαδόπουλο, ἐπειδή διαμαρτυρήθηκε γιά τίς συλλήψεις τῶν συντρόφων του.

Η ΚΟΡΟΙΔΙΑ ΤΩΝ ΜΕΙΟΨΗΦΙΩΝ

Κατά πληροφορίας ἐκ Σόφιας, ἡ κυβέρνηση ὑπέβαλε στήν ἀντιπολίτευση νέο σχέδιο γιά τήν ἀνασύνταξη τοῦ Κοινοβουλίου, μέ τό ὁποῖο περιορίζονται ἀκόμη περισσότερο τά δικαιώματα τῶν μειοψηφιῶν.

Η ΚΑΤΑΣΤΑΣΗ ΣΤΗΝ ΙΣΠΑΝΙΑ
ΔΙΑΔΗΛΩΣΕΙΣ, ΣΥΓΚΡΟΥΣΕΙΣ ΚΑΙ ΠΟΛΙΤΙΚΗ ΑΠΕΡΓΙΑ

ΠΑΡΙΣΙΟΙ, 9.—Τηλεγραφήματα ἐκ Μπιλμπάο ἀγγέλλουν ὅτι οἱ ἐργάτες κινήθηκαν σέ γενική ἀπεργία ὑπό τήν ἐπίδραση τῶν κομμουνιστῶν. Συγκρούσεις ἐσημειώθησαν μέ τήν ἀστυνομίαν καί ὑπάρχουν πολλοί τραυματίαι. Ἡ κυβέρνησις ἔλαβε ἔκτακτα μέτρα.

Εἰς τήν Σεβίλλην ἐπεκράτησεν ὀξύτατη κατάστασις. Οἱ ἐργάτες τῶν λιμένων ἀρνήθηκαν νά φορτώσουν πλοία καί ἡ ἀπεργία ἐπεκτάθηκε.

ΠΑΡΙΣΙΟΙ, 9.—Τηλεγραφήματα ἐκ Μαδρίτης ἀγγέλλουν ὅτι πάντα φόβοι ἐξεγέρσεως ἐπικρατοῦν καί ἡ Κυβέρνησις τῆς πόλεως ἐξήγγειλε νέα μέτρα.

Κατά τηλεγραφήματα ἀφ᾽ ἑτέρου ἐκ Μπιλμπάο ἰσχυρά ἀστυνομικά τμήματα κατέλαβον τά στρατηγικά σημεῖα τῆς πόλεως.

ΟΙ ΓΕΡΜΑΝΙΚΕΣ ΤΡΑΠΕΖΕΣ ΚΑΙ ΤΑ ΒΡΑΧΥΠΡΟΘΕΣΜΑ ΧΡΕΗ

ΠΑΡΙΣΙΟΙ, 9.—Ἡ «Ἠχώ τῶν Παρισίων» ἀγγέλλει ὅτι οἱ ἀντιπρόσωποι τῶν μεγάλων γαλλικῶν τραπεζῶν συνῆλθον εἰς τάς γενικάς αὐτάς ἐπιτροπάς. Ἀναφέρεται ὅτι ἡ Γερμανία ζητεῖ τήν παράτασιν τῶν βραχυπροθέσμων χρεῶν, ἐνῶ αἱ τράπεζαι ἀπαιτοῦν ἐγγυήσεις.

Ἐπειδή αἱ ἐπιτροπαί δέν ἐπέτυχον συμφωνίαν, ἀναμένεται νέα σύσκεψις τήν προσεχῆ ἑβδομάδα.

ΟΙ ΕΜΠΟΡΙΚΕΣ ΓΑΛΛΟΣΟΒΙΕΤΙΚΕΣ ΔΙΑΠΡΑΓΜΑΤΕΥΣΕΙΣ

ΠΑΡΙΣΙΟΙ, 9.—Τό Πουτιγέτι «Τάν Βουλεκτ» ἀγγέλλει ὅτι ὁ ἀντιπρόσωπος τῆς Σοβιετικῆς Ἑνώσεως ἐπισκέφθη τόν Ὑπουργόν τοῦ Ἐμπορίου καί συνεζήτησε τό ζήτημα τῶν ἐμπορικῶν συναλλαγῶν. Οἱ Γάλλοι βιομήχανοι ζητοῦν αὔξησιν τῶν παραγγελιῶν.

ΖΗΤΕΙ ΝΑ ΣΦΥΞΕΙ ΑΠ᾽ ΤΟΝ ΑΜΕΡΙΚΑΝΙΚΟ ΙΜΠΕΡΙΑΛΙΣΜΟ

ΛΟΝΔΙΝΟ, 9.—Τηλεγράφημα ἐκ Νέας Ὑόρκης λέει ὅτι ἡ Κούβα ζητεῖ ἀπό τήν ἀμερικανική κυβέρνηση τήν ἐλάφρυνση τοῦ χρέους της. Ἡ ἀμερικανική κυβέρνησις ἀρνήθηκε κάθε συζήτηση.

Η ΔΙΕΙΣΔΥΣΗ ΤΟΥ ΑΜΕΡΙΚΑΝΙΚΟΥ ΙΜΠΕΡΙΑΛΙΣΜΟΥ ΣΤΗΝ ΟΥΡΑΓΟΥΑΗ

ΡΩΜΗ, 9 Αὐγούστου.— Κατά τηλεγράφημα ἐκ Ν. Ὑόρκης ἡ Οὐραγουάη ὑπέγραψε συμφωνία μέ ἀμερικανικό συγκρότημα γιά δάνειο 20 ἑκατομμυρίων δολλαρίων.

Ο ΠΡΟΕΞΟΦΛΗΤΙΚΟΣ ΤΟΚΟΣ ΤΗΣ ΓΕΡΜΑΝΙΚΗΣ ΚΡΑΤΙΚΗΣ ΤΡΑΠΕΖΗΣ

ΡΩΜΗ, 9.—Κατά τηλεγράφημα ἐκ Βερολίνου, τό συμβούλιο τῆς Ράιχσμπανκ ἀπεφάσισε τήν ἐλάττωση τοῦ τόκου προεξοφλήσεως ἀπό 10 στά 8 1/2 %.

ΤΑ ΓΡΑΜΜΑΤΙΑ ΤΗΣ ΤΡΑΠΕΖΗΣ ΤΗΣ ΕΛΛΑΔΟΣ

Ὁ ὑπουργός τῶν Οἰκονομικῶν ἐπικύρωσε τήν ἔκδοση νέων γραμματίων τῆς Τραπέζης τῆς Ἑλλάδος γιά τήν ἐνίσχυση τῆς κυκλοφορίας. Σημειώνεται ὅτι ἡ Τράπεζα τῆς Ἑλλάδος ἔχει ἤδη ἀσκήσει πιέσεις στό Διεθνές Συμβούλιο γιά τή διαχείριση τῶν ἀποθεμάτων.
